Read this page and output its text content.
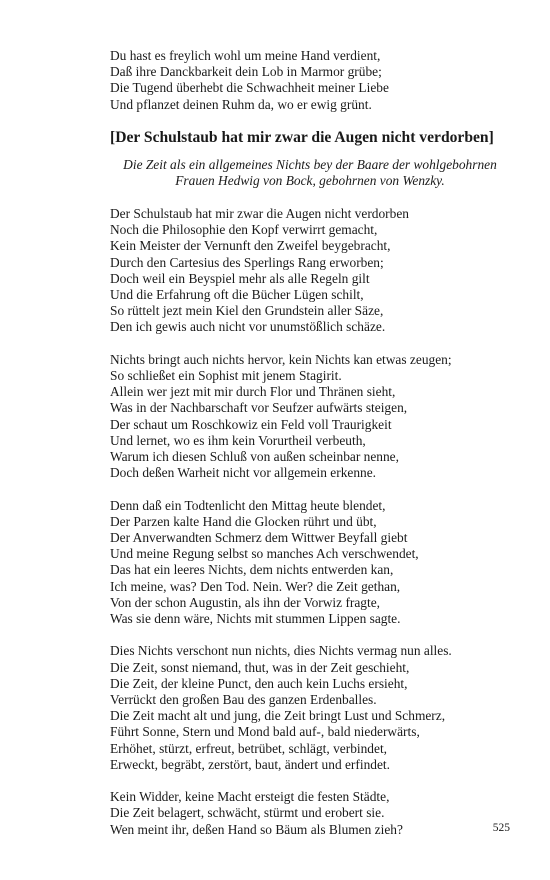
Du hast es freylich wohl um meine Hand verdient,
Daß ihre Danckbarkeit dein Lob in Marmor grübe;
Die Tugend überhebt die Schwachheit meiner Liebe
Und pflanzet deinen Ruhm da, wo er ewig grünt.
[Der Schulstaub hat mir zwar die Augen nicht verdorben]
Die Zeit als ein allgemeines Nichts bey der Baare der wohlgebohrnen
Frauen Hedwig von Bock, gebohrnen von Wenzky.
Der Schulstaub hat mir zwar die Augen nicht verdorben
Noch die Philosophie den Kopf verwirrt gemacht,
Kein Meister der Vernunft den Zweifel beygebracht,
Durch den Cartesius des Sperlings Rang erworben;
Doch weil ein Beyspiel mehr als alle Regeln gilt
Und die Erfahrung oft die Bücher Lügen schilt,
So rüttelt jezt mein Kiel den Grundstein aller Säze,
Den ich gewis auch nicht vor unumstößlich schäze.
Nichts bringt auch nichts hervor, kein Nichts kan etwas zeugen;
So schließet ein Sophist mit jenem Stagirit.
Allein wer jezt mit mir durch Flor und Thränen sieht,
Was in der Nachbarschaft vor Seufzer aufwärts steigen,
Der schaut um Roschkowiz ein Feld voll Traurigkeit
Und lernet, wo es ihm kein Vorurtheil verbeuth,
Warum ich diesen Schluß von außen scheinbar nenne,
Doch deßen Warheit nicht vor allgemein erkenne.
Denn daß ein Todtenlicht den Mittag heute blendet,
Der Parzen kalte Hand die Glocken rührt und übt,
Der Anverwandten Schmerz dem Wittwer Beyfall giebt
Und meine Regung selbst so manches Ach verschwendet,
Das hat ein leeres Nichts, dem nichts entwerden kan,
Ich meine, was? Den Tod. Nein. Wer? die Zeit gethan,
Von der schon Augustin, als ihn der Vorwiz fragte,
Was sie denn wäre, Nichts mit stummen Lippen sagte.
Dies Nichts verschont nun nichts, dies Nichts vermag nun alles.
Die Zeit, sonst niemand, thut, was in der Zeit geschieht,
Die Zeit, der kleine Punct, den auch kein Luchs ersieht,
Verrückt den großen Bau des ganzen Erdenballes.
Die Zeit macht alt und jung, die Zeit bringt Lust und Schmerz,
Führt Sonne, Stern und Mond bald auf-, bald niederwärts,
Erhöhet, stürzt, erfreut, betrübet, schlägt, verbindet,
Erweckt, begräbt, zerstört, baut, ändert und erfindet.
Kein Widder, keine Macht ersteigt die festen Städte,
Die Zeit belagert, schwächt, stürmt und erobert sie.
Wen meint ihr, deßen Hand so Bäum als Blumen zieh?	525
